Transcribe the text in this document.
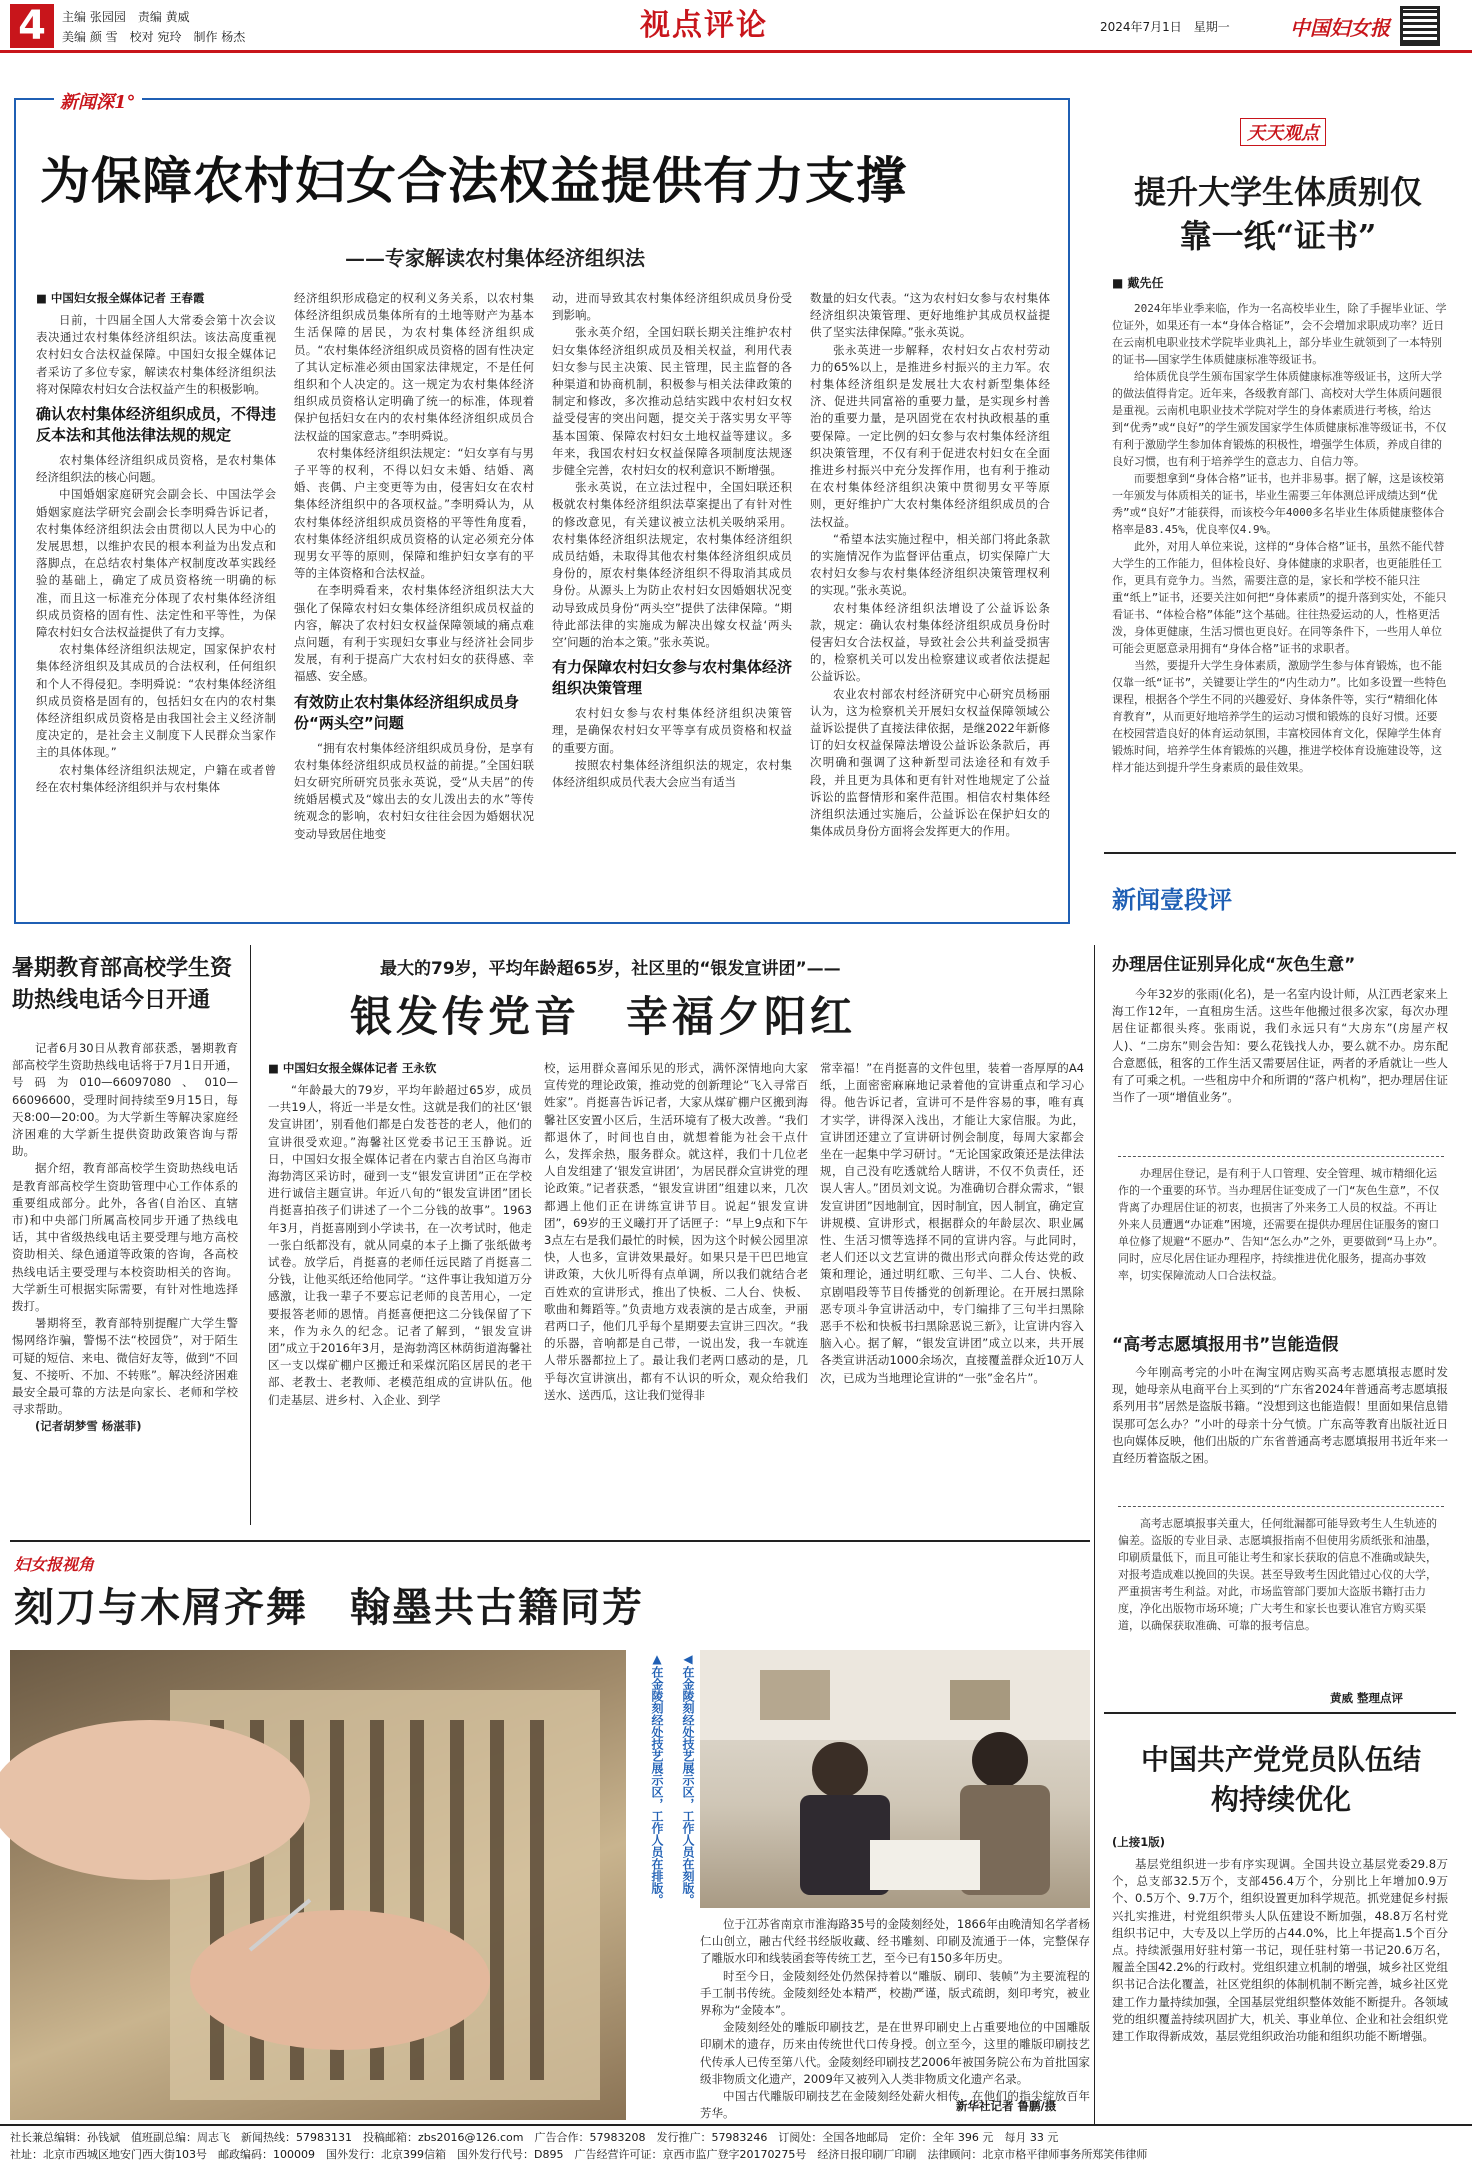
4	主编 张园园　责编 黄威
美编 颜 雪　校对 宛玲　制作 杨杰	视点评论	2024年7月1日　星期一	中国妇女报
新闻深1°
为保障农村妇女合法权益提供有力支撑
——专家解读农村集体经济组织法
■ 中国妇女报全媒体记者 王春霞

日前，十四届全国人大常委会第十次会议表决通过农村集体经济组织法。该法高度重视农村妇女合法权益保障。中国妇女报全媒体记者采访了多位专家，解读农村集体经济组织法将对保障农村妇女合法权益产生的积极影响。

确认农村集体经济组织成员，不得违反本法和其他法律法规的规定

农村集体经济组织成员资格，是农村集体经济组织法的核心问题。

中国婚姻家庭研究会副会长、中国法学会婚姻家庭法学研究会副会长李明舜告诉记者，农村集体经济组织法会由贯彻以人民为中心的发展思想，以维护农民的根本利益为出发点和落脚点，在总结农村集体产权制度改革实践经验的基础上，确定了成员资格统一明确的标准，而且这一标准充分体现了农村集体经济组织成员资格的固有性、法定性和平等性，为保障农村妇女合法权益提供了有力支撑。

农村集体经济组织法规定，国家保护农村集体经济组织及其成员的合法权利，任何组织和个人不得侵犯。李明舜说：“农村集体经济组织成员资格是固有的，包括妇女在内的农村集体经济组织成员资格是由我国社会主义经济制度决定的，是社会主义制度下人民群众当家作主的具体体现。”

农村集体经济组织法规定，户籍在或者曾经在农村集体经济组织并与农村集体

经济组织形成稳定的权利义务关系，以农村集体经济组织成员集体所有的土地等财产为基本生活保障的居民，为农村集体经济组织成员。“农村集体经济组织成员资格的固有性决定了其认定标准必须由国家法律规定，不是任何组织和个人决定的。这一规定为农村集体经济组织成员资格认定明确了统一的标准，体现着保护包括妇女在内的农村集体经济组织成员合法权益的国家意志。”李明舜说。

农村集体经济组织法规定：“妇女享有与男子平等的权利，不得以妇女未婚、结婚、离婚、丧偶、户主变更等为由，侵害妇女在农村集体经济组织中的各项权益。”李明舜认为，从农村集体经济组织成员资格的平等性角度看，农村集体经济组织成员资格的认定必须充分体现男女平等的原则，保障和维护妇女享有的平等的主体资格和合法权益。

在李明舜看来，农村集体经济组织法大大强化了保障农村妇女集体经济组织成员权益的内容，解决了农村妇女权益保障领域的痛点难点问题，有利于实现妇女事业与经济社会同步发展，有利于提高广大农村妇女的获得感、幸福感、安全感。

有效防止农村集体经济组织成员身份“两头空”问题

“拥有农村集体经济组织成员身份，是享有农村集体经济组织成员权益的前提。”全国妇联妇女研究所研究员张永英说，受“从夫居”的传统婚居模式及“嫁出去的女儿泼出去的水”等传统观念的影响，农村妇女往往会因为婚姻状况变动导致居住地变

动，进而导致其农村集体经济组织成员身份受到影响。

张永英介绍，全国妇联长期关注维护农村妇女集体经济组织成员及相关权益，利用代表妇女参与民主决策、民主管理，民主监督的各种渠道和协商机制，积极参与相关法律政策的制定和修改，多次推动总结实践中农村妇女权益受侵害的突出问题，提交关于落实男女平等基本国策、保障农村妇女土地权益等建议。多年来，我国农村妇女权益保障各项制度法规逐步健全完善，农村妇女的权利意识不断增强。

张永英说，在立法过程中，全国妇联还积极就农村集体经济组织法草案提出了有针对性的修改意见，有关建议被立法机关吸纳采用。农村集体经济组织法规定，农村集体经济组织成员结婚，未取得其他农村集体经济组织成员身份的，原农村集体经济组织不得取消其成员身份。从源头上为防止农村妇女因婚姻状况变动导致成员身份“两头空”提供了法律保障。“期待此部法律的实施成为解决出嫁女权益‘两头空’问题的治本之策。”张永英说。

有力保障农村妇女参与农村集体经济组织决策管理

农村妇女参与农村集体经济组织决策管理，是确保农村妇女平等享有成员资格和权益的重要方面。

按照农村集体经济组织法的规定，农村集体经济组织成员代表大会应当有适当

数量的妇女代表。“这为农村妇女参与农村集体经济组织决策管理、更好地维护其成员权益提供了坚实法律保障。”张永英说。

张永英进一步解释，农村妇女占农村劳动力的65%以上，是推进乡村振兴的主力军。农村集体经济组织是发展壮大农村新型集体经济、促进共同富裕的重要力量，是实现乡村善治的重要力量，是巩固党在农村执政根基的重要保障。一定比例的妇女参与农村集体经济组织决策管理，不仅有利于促进农村妇女在全面推进乡村振兴中充分发挥作用，也有利于推动在农村集体经济组织决策中贯彻男女平等原则，更好维护广大农村集体经济组织成员的合法权益。

“希望本法实施过程中，相关部门将此条款的实施情况作为监督评估重点，切实保障广大农村妇女参与农村集体经济组织决策管理权利的实现。”张永英说。

农村集体经济组织法增设了公益诉讼条款，规定：确认农村集体经济组织成员身份时侵害妇女合法权益，导致社会公共利益受损害的，检察机关可以发出检察建议或者依法提起公益诉讼。

农业农村部农村经济研究中心研究员杨丽认为，这为检察机关开展妇女权益保障领域公益诉讼提供了直接法律依据，是继2022年新修订的妇女权益保障法增设公益诉讼条款后，再次明确和强调了这种新型司法途径和有效手段，并且更为具体和更有针对性地规定了公益诉讼的监督情形和案件范围。相信农村集体经济组织法通过实施后，公益诉讼在保护妇女的集体成员身份方面将会发挥更大的作用。

天天观点
提升大学生体质别仅靠一纸“证书”
■ 戴先任

2024年毕业季来临，作为一名高校毕业生，除了手握毕业证、学位证外，如果还有一本“身体合格证”，会不会增加求职成功率？近日在云南机电职业技术学院毕业典礼上，部分毕业生就领到了一本特别的证书——国家学生体质健康标准等级证书。

给体质优良学生颁布国家学生体质健康标准等级证书，这所大学的做法值得肯定。近年来，各级教育部门、高校对大学生体质问题很是重视。云南机电职业技术学院对学生的身体素质进行考核，给达到“优秀”或“良好”的学生颁发国家学生体质健康标准等级证书，不仅有利于激励学生参加体育锻炼的积极性，增强学生体质，养成自律的良好习惯，也有利于培养学生的意志力、自信力等。

而要想拿到“身体合格”证书，也并非易事。据了解，这是该校第一年颁发与体质相关的证书，毕业生需要三年体测总评成绩达到“优秀”或“良好”才能获得，而该校今年4000多名毕业生体质健康整体合格率是83.45%，优良率仅4.9%。

此外，对用人单位来说，这样的“身体合格”证书，虽然不能代替大学生的工作能力，但体检良好、身体健康的求职者，也更能胜任工作，更具有竞争力。当然，需要注意的是，家长和学校不能只注重“纸上”证书，还要关注如何把“身体素质”的提升落到实处，不能只看证书、“体检合格”体能”这个基础。往往热爱运动的人，性格更活泼，身体更健康，生活习惯也更良好。在同等条件下，一些用人单位可能会更愿意录用拥有“身体合格”证书的求职者。

当然，要提升大学生身体素质，激励学生参与体育锻炼，也不能仅靠一纸“证书”，关键要让学生的“内生动力”。比如多设置一些特色课程，根据各个学生不同的兴趣爱好、身体条件等，实行“精细化体育教育”，从而更好地培养学生的运动习惯和锻炼的良好习惯。还要在校园营造良好的体育运动氛围，丰富校园体育文化，保障学生体育锻炼时间，培养学生体育锻炼的兴趣，推进学校体育设施建设等，这样才能达到提升学生身素质的最佳效果。

新闻壹段评
办理居住证别异化成“灰色生意”

今年32岁的张雨(化名)，是一名室内设计师，从江西老家来上海工作12年，一直租房生活。这些年他搬过很多次家，每次办理居住证都很头疼。张雨说，我们永远只有“大房东”(房屋产权人)、“二房东”则会告知：要么花钱找人办，要么就不办。房东配合意愿低，租客的工作生活又需要居住证，两者的矛盾就让一些人有了可乘之机。一些租房中介和所谓的“落户机构”，把办理居住证当作了一项“增值业务”。

办理居住登记，是有利于人口管理、安全管理、城市精细化运作的一个重要的环节。当办理居住证变成了一门“灰色生意”，不仅背离了办理居住证的初衷，也损害了外来务工人员的权益。不再让外来人员遭遇“办证难”困境，还需要在提供办理居住证服务的窗口单位修了规避“不愿办”、告知“怎么办”之外，更要做到“马上办”。同时，应尽化居住证办理程序，持续推进优化服务，提高办事效率，切实保障流动人口合法权益。

“高考志愿填报用书”岂能造假

今年刚高考完的小叶在淘宝网店购买高考志愿填报志愿时发现，她母亲从电商平台上买到的“广东省2024年普通高考志愿填报系列用书”居然是盗版书籍。“没想到这也能造假！里面如果信息错误那可怎么办？”小叶的母亲十分气愤。广东高等教育出版社近日也向媒体反映，他们出版的广东省普通高考志愿填报用书近年来一直经历着盗版之困。

高考志愿填报事关重大，任何纰漏都可能导致考生人生轨迹的偏差。盗版的专业目录、志愿填报指南不但使用劣质纸张和油墨，印刷质量低下，而且可能让考生和家长获取的信息不准确或缺失，对报考造成难以挽回的失误。甚至导致考生因此错过心仪的大学，严重损害考生利益。对此，市场监管部门要加大盗版书籍打击力度，净化出版物市场环境；广大考生和家长也要认准官方购买渠道，以确保获取准确、可靠的报考信息。

黄威 整理点评
中国共产党党员队伍结构持续优化
(上接1版)

基层党组织进一步有序实现调。全国共设立基层党委29.8万个，总支部32.5万个，支部456.4万个，分别比上年增加0.9万个、0.5万个、9.7万个，组织设置更加科学规范。抓党建促乡村振兴扎实推进，村党组织带头人队伍建设不断加强，48.8万名村党组织书记中，大专及以上学历的占44.0%，比上年提高1.5个百分点。持续派强用好驻村第一书记，现任驻村第一书记20.6万名，履盖全国42.2%的行政村。党组织建立机制的增强，城乡社区党组织书记合法化覆盖，社区党组织的体制机制不断完善，城乡社区党建工作力量持续加强，全国基层党组织整体效能不断提升。各领域党的组织覆盖持续巩固扩大，机关、事业单位、企业和社会组织党建工作取得新成效，基层党组织政治功能和组织功能不断增强。

暑期教育部高校学生资助热线电话今日开通

记者6月30日从教育部获悉，暑期教育部高校学生资助热线电话将于7月1日开通，号码为010—66097080、010—66096600，受理时间持续至9月15日，每天8:00—20:00。为大学新生等解决家庭经济困难的大学新生提供资助政策咨询与帮助。

据介绍，教育部高校学生资助热线电话是教育部高校学生资助管理中心工作体系的重要组成部分。此外，各省(自治区、直辖市)和中央部门所属高校同步开通了热线电话，其中省级热线电话主要受理与地方高校资助相关、绿色通道等政策的咨询，各高校热线电话主要受理与本校资助相关的咨询。大学新生可根据实际需要，有针对性地选择拨打。

暑期将至，教育部特别提醒广大学生警惕网络诈骗，警惕不法“校园贷”，对于陌生可疑的短信、来电、微信好友等，做到“不回复、不接听、不加、不转账”。解决经济困难最安全最可靠的方法是向家长、老师和学校寻求帮助。

(记者胡梦雪 杨湛菲)

最大的79岁，平均年龄超65岁，社区里的“银发宣讲团”——
银发传党音　幸福夕阳红
■ 中国妇女报全媒体记者 王永钦

“年龄最大的79岁，平均年龄超过65岁，成员一共19人，将近一半是女性。这就是我们的社区‘银发宣讲团’，别看他们都是白发苍苍的老人，他们的宣讲很受欢迎。”海馨社区党委书记王玉静说。近日，中国妇女报全媒体记者在内蒙古自治区乌海市海勃湾区采访时，碰到一支“银发宣讲团”正在学校进行诚信主题宣讲。年近八旬的“银发宣讲团”团长肖挺喜拍孩子们讲述了一个二分钱的故事”。1963年3月，肖挺喜刚到小学读书，在一次考试时，他走一张白纸都没有，就从同桌的本子上撕了张纸做考试卷。放学后，肖挺喜的老师任远民踏了肖挺喜二分钱，让他买纸还给他同学。“这件事让我知道万分感激，让我一辈子不要忘记老师的良苦用心，一定要报答老师的恩情。肖挺喜便把这二分钱保留了下来，作为永久的纪念。记者了解到，“银发宣讲团”成立于2016年3月，是海勃湾区林荫街道海馨社区一支以煤矿棚户区搬迁和采煤沉陷区居民的老干部、老教士、老教师、老模范组成的宣讲队伍。他们走基层、进乡村、入企业、到学

校，运用群众喜闻乐见的形式，满怀深情地向大家宣传党的理论政策，推动党的创新理论“飞入寻常百姓家”。肖挺喜告诉记者，大家从煤矿棚户区搬到海馨社区安置小区后，生活环境有了极大改善。“我们都退休了，时间也自由，就想着能为社会干点什么，发挥余热，服务群众。就这样，我们十几位老人自发组建了‘银发宣讲团’，为居民群众宣讲党的理论政策。”记者获悉，“银发宣讲团”组建以来，几次都遇上他们正在讲练宣讲节目。说起“银发宣讲团”，69岁的王义曦打开了话匣子：“早上9点和下午3点左右是我们最忙的时候，因为这个时候公园里凉快，人也多，宣讲效果最好。如果只是干巴巴地宣讲政策，大伙儿听得有点单调，所以我们就结合老百姓欢的宣讲形式，推出了快板、二人台、快板、歌曲和舞蹈等。”负责地方戏表演的是古成奎，尹丽君两口子，他们几乎每个星期要去宣讲三四次。“我的乐器，音响都是自己带，一说出发，我一车就连人带乐器都拉上了。最让我们老两口感动的是，几乎每次宣讲演出，都有不认识的听众，观众给我们送水、送西瓜，这让我们觉得非

常幸福！”在肖挺喜的文件包里，装着一沓厚厚的A4纸，上面密密麻麻地记录着他的宣讲重点和学习心得。他告诉记者，宣讲可不是件容易的事，唯有真才实学，讲得深入浅出，才能让大家信服。为此，宣讲团还建立了宣讲研讨例会制度，每周大家都会坐在一起集中学习研讨。“无论国家政策还是法律法规，自己没有吃透就给人瞎讲，不仅不负责任，还误人害人。”团员刘文说。为准确切合群众需求，“银发宣讲团”因地制宜，因时制宜，因人制宜，确定宣讲规模、宣讲形式，根据群众的年龄层次、职业属性、生活习惯等选择不同的宣讲内容。与此同时，老人们还以文艺宣讲的微出形式向群众传达党的政策和理论，通过明红歌、三句半、二人台、快板、京剧唱段等节目传播党的创新理论。在开展扫黑除恶专项斗争宣讲活动中，专门编排了三句半扫黑除恶手不松和快板书扫黑除恶说三新》，让宣讲内容入脑入心。据了解，“银发宣讲团”成立以来，共开展各类宣讲活动1000余场次，直接覆盖群众近10万人次，已成为当地理论宣讲的“一张”金名片”。

妇女报视角
刻刀与木屑齐舞　翰墨共古籍同芳
▲在金陵刻经处技艺展示区，工作人员在排版。	◀在金陵刻经处技艺展示区，工作人员在刻版。

位于江苏省南京市淮海路35号的金陵刻经处，1866年由晚清知名学者杨仁山创立，融古代经书经版收藏、经书雕刻、印刷及流通于一体，完整保存了雕版水印和线装函套等传统工艺，至今已有150多年历史。

时至今日，金陵刻经处仍然保持着以“雕版、刷印、装帧”为主要流程的手工制书传统。金陵刻经处本精严，校勘严谨，版式疏朗，刻印考究，被业界称为“金陵本”。

金陵刻经处的雕版印刷技艺，是在世界印刷史上占重要地位的中国雕版印刷术的遗存，历来由传统世代口传身授。创立至今，这里的雕版印刷技艺代传承人已传至第八代。金陵刻经印刷技艺2006年被国务院公布为首批国家级非物质文化遗产，2009年又被列入人类非物质文化遗产名录。

中国古代雕版印刷技艺在金陵刻经处薪火相传，在他们的指尖绽放百年芳华。

新华社记者 鲁鹏/摄
社长兼总编辑：孙钱斌　值班副总编：周志飞　新闻热线：57983131　投稿邮箱：zbs2016@126.com　广告合作：57983208　发行推广：57983246　订阅处：全国各地邮局　定价：全年 396 元　每月 33 元
社址：北京市西城区地安门西大街103号　邮政编码：100009　国外发行：北京399信箱　国外发行代号：D895　广告经营许可证：京西市监广登字20170275号　经济日报印刷厂印刷　法律顾问：北京市格平律师事务所郑笑伟律师
